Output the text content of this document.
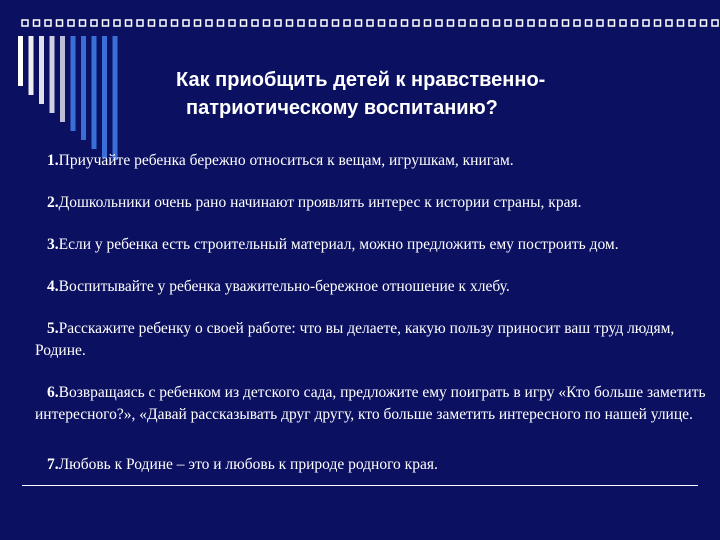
Как приобщить детей к нравственно-
патриотическому воспитанию?

1.Приучайте ребенка бережно относиться к вещам, игрушкам, книгам.

2.Дошкольники очень рано начинают проявлять интерес к истории страны, края.

3.Если у ребенка есть строительный материал, можно предложить ему построить дом.

4.Воспитывайте у ребенка уважительно-бережное отношение к хлебу.

5.Расскажите ребенку о своей работе: что вы делаете, какую пользу приносит ваш труд людям, Родине.

6.Возвращаясь с ребенком из детского сада, предложите ему поиграть в игру «Кто больше заметить интересного?», «Давай рассказывать друг другу, кто больше заметить интересного по нашей улице.

7.Любовь к Родине – это и любовь к природе родного края.
